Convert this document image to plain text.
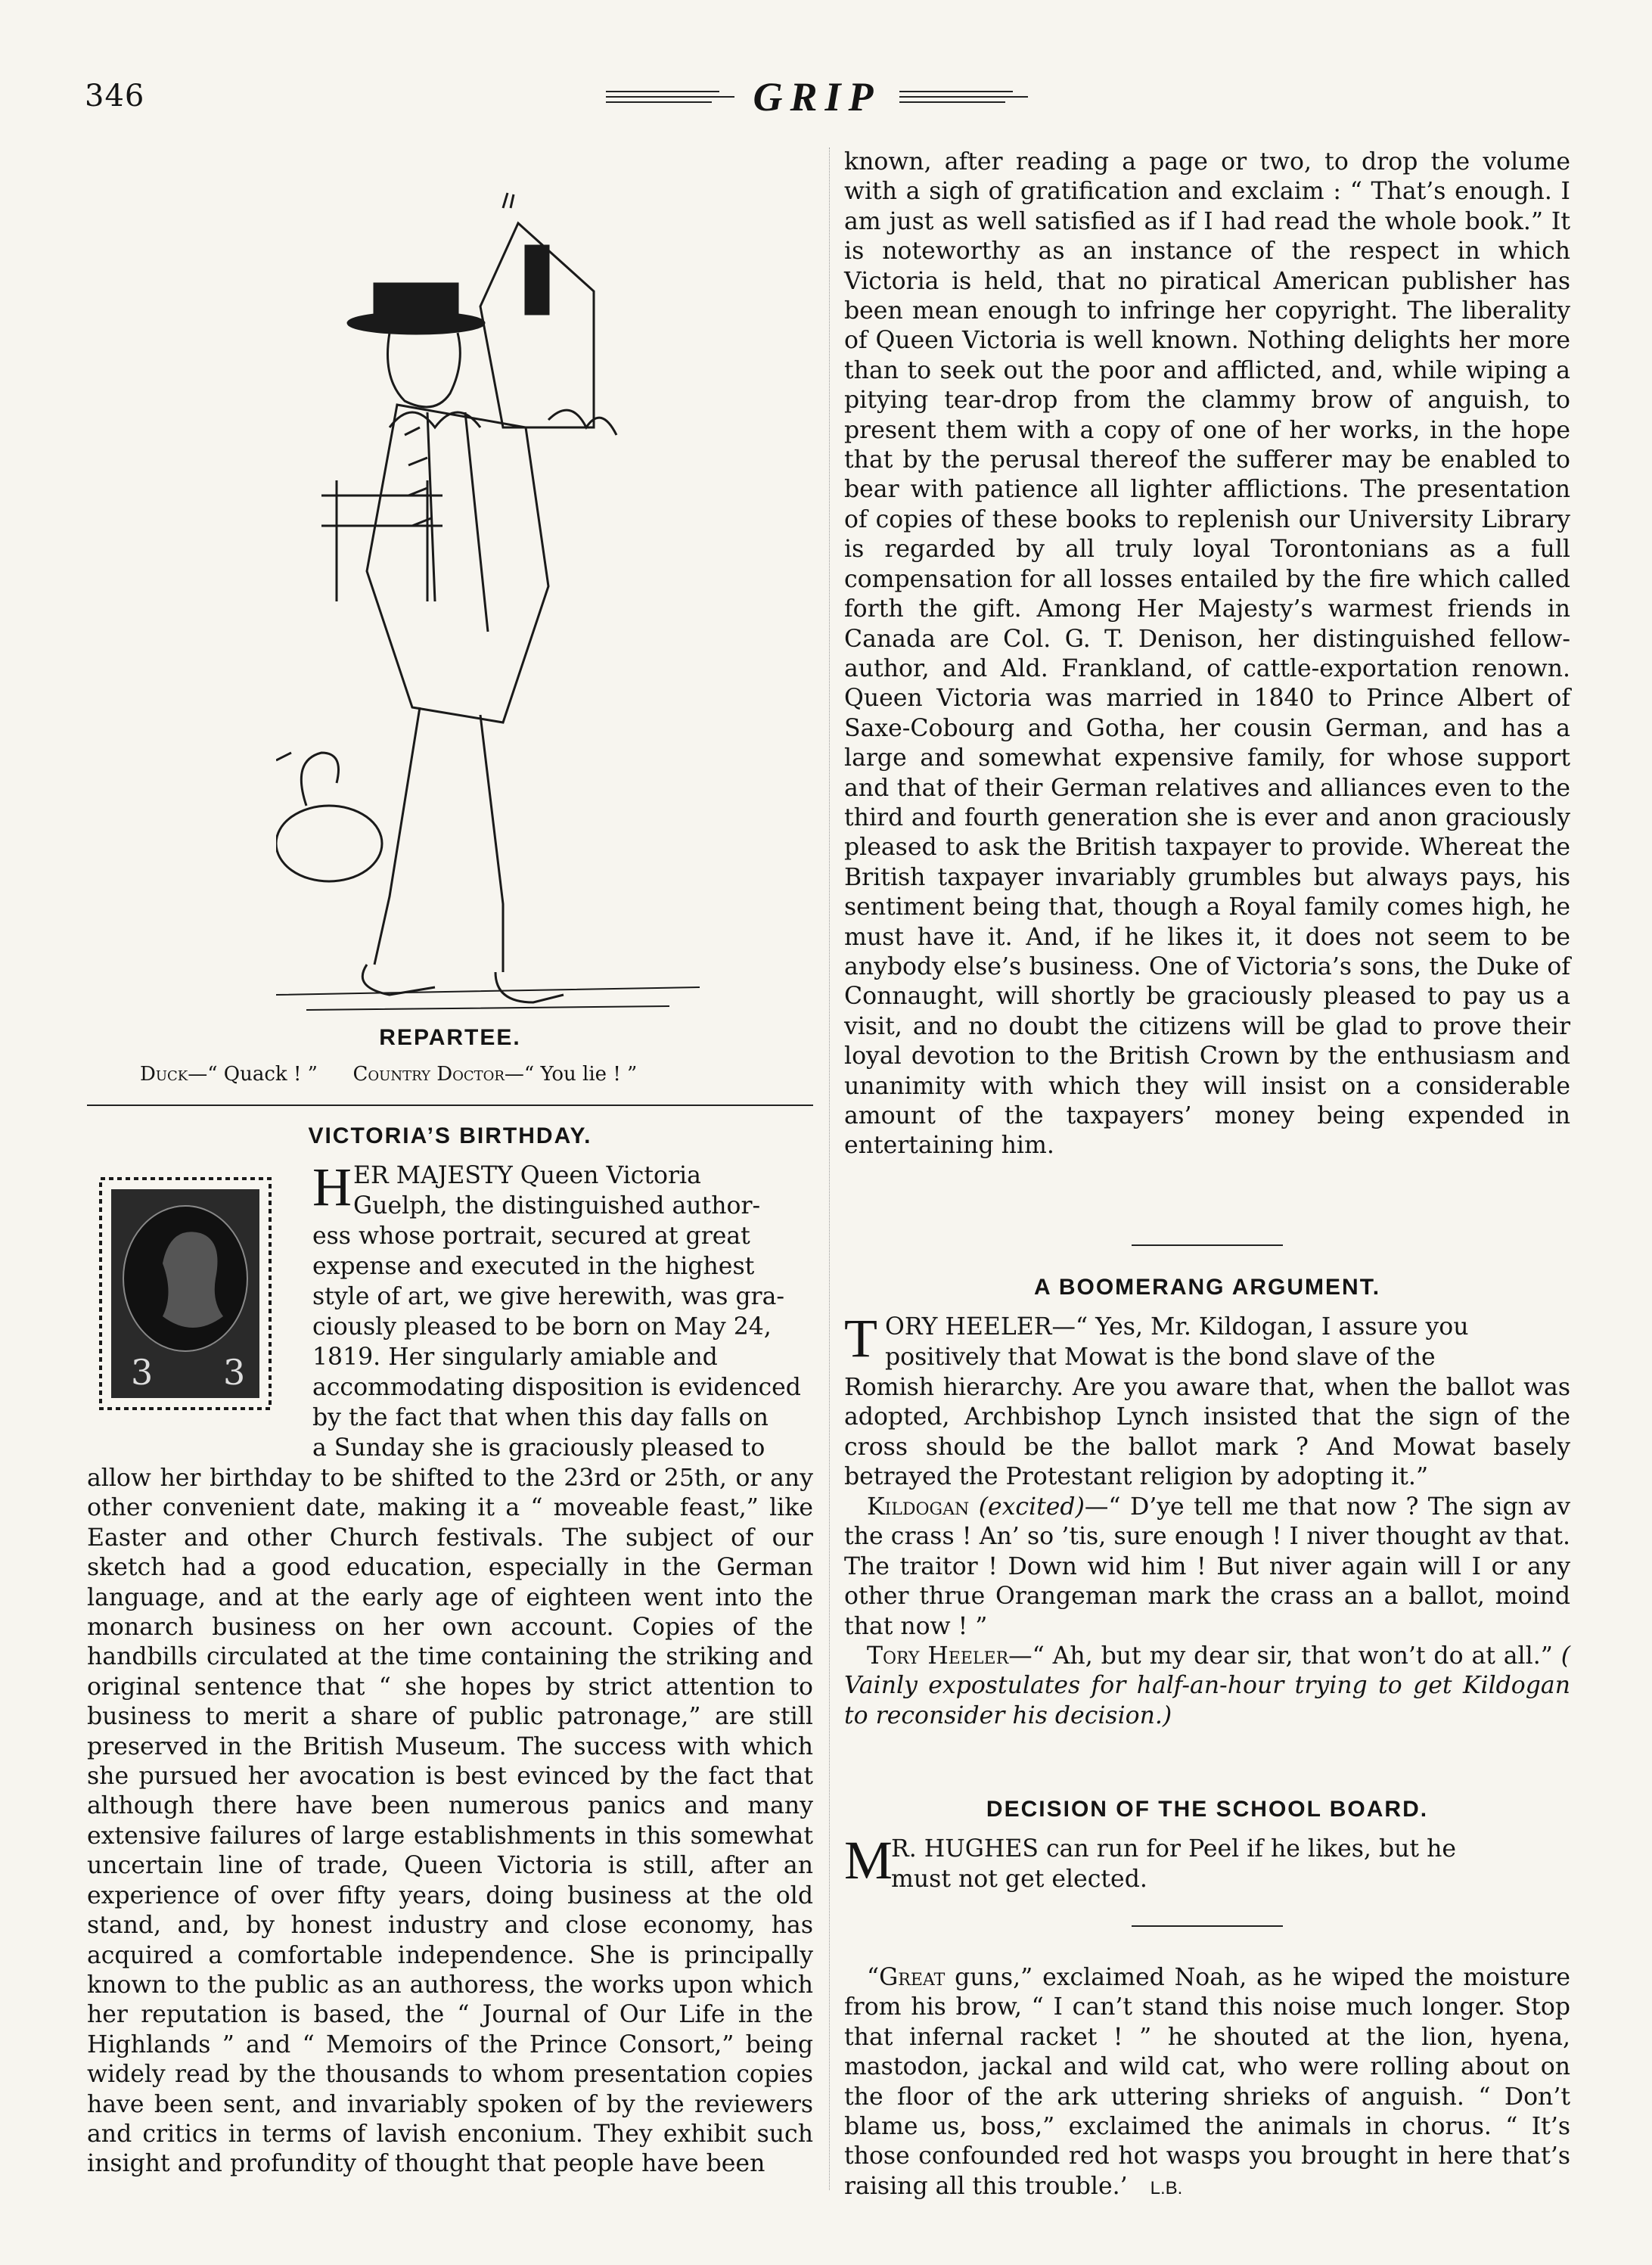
346	GRIP
REPARTEE.
Duck—“ Quack ! ” Country Doctor—“ You lie ! ”
VICTORIA’S BIRTHDAY.
3 3
H ER MAJESTY Queen Victoria
Guelph, the distinguished author-
ess whose portrait, secured at great
expense and executed in the highest
style of art, we give herewith, was gra-
ciously pleased to be born on May 24,
1819. Her singularly amiable and
accommodating disposition is evidenced
by the fact that when this day falls on
a Sunday she is graciously pleased to

allow her birthday to be shifted to the 23rd or 25th, or any other convenient date, making it a “ moveable feast,” like Easter and other Church festivals. The subject of our sketch had a good education, especially in the German language, and at the early age of eighteen went into the monarch business on her own account. Copies of the handbills circulated at the time containing the striking and original sentence that “ she hopes by strict attention to business to merit a share of public patronage,” are still preserved in the British Museum. The success with which she pursued her avocation is best evinced by the fact that although there have been numerous panics and many extensive failures of large establishments in this somewhat uncertain line of trade, Queen Victoria is still, after an experience of over fifty years, doing business at the old stand, and, by honest industry and close economy, has acquired a comfortable independence. She is principally known to the public as an authoress, the works upon which her reputation is based, the “ Journal of Our Life in the Highlands ” and “ Memoirs of the Prince Consort,” being widely read by the thousands to whom presentation copies have been sent, and invariably spoken of by the reviewers and critics in terms of lavish enconium. They exhibit such insight and profundity of thought that people have been

known, after reading a page or two, to drop the volume with a sigh of gratification and exclaim : “ That’s enough. I am just as well satisfied as if I had read the whole book.” It is noteworthy as an instance of the respect in which Victoria is held, that no piratical American publisher has been mean enough to infringe her copyright. The liberality of Queen Victoria is well known. Nothing delights her more than to seek out the poor and afflicted, and, while wiping a pitying tear-drop from the clammy brow of anguish, to present them with a copy of one of her works, in the hope that by the perusal thereof the sufferer may be enabled to bear with patience all lighter afflictions. The presentation of copies of these books to replenish our University Library is regarded by all truly loyal Torontonians as a full compensation for all losses entailed by the fire which called forth the gift. Among Her Majesty’s warmest friends in Canada are Col. G. T. Denison, her distinguished fellow-author, and Ald. Frankland, of cattle-exportation renown. Queen Victoria was married in 1840 to Prince Albert of Saxe-Cobourg and Gotha, her cousin German, and has a large and somewhat expensive family, for whose support and that of their German relatives and alliances even to the third and fourth generation she is ever and anon graciously pleased to ask the British taxpayer to provide. Whereat the British taxpayer invariably grumbles but always pays, his sentiment being that, though a Royal family comes high, he must have it. And, if he likes it, it does not seem to be anybody else’s business. One of Victoria’s sons, the Duke of Connaught, will shortly be graciously pleased to pay us a visit, and no doubt the citizens will be glad to prove their loyal devotion to the British Crown by the enthusiasm and unanimity with which they will insist on a considerable amount of the taxpayers’ money being expended in entertaining him.

A BOOMERANG ARGUMENT.
T ORY HEELER—“ Yes, Mr. Kildogan, I assure you
positively that Mowat is the bond slave of the

Romish hierarchy. Are you aware that, when the ballot was adopted, Archbishop Lynch insisted that the sign of the cross should be the ballot mark ? And Mowat basely betrayed the Protestant religion by adopting it.”

Kildogan (excited)—“ D’ye tell me that now ? The sign av the crass ! An’ so ’tis, sure enough ! I niver thought av that. The traitor ! Down wid him ! But niver again will I or any other thrue Orangeman mark the crass an a ballot, moind that now ! ”

Tory Heeler—“ Ah, but my dear sir, that won’t do at all.” ( Vainly expostulates for half-an-hour trying to get Kildogan to reconsider his decision.)

DECISION OF THE SCHOOL BOARD.
M
R. HUGHES can run for Peel if he likes, but he
must not get elected.

“Great guns,” exclaimed Noah, as he wiped the moisture from his brow, “ I can’t stand this noise much longer. Stop that infernal racket ! ” he shouted at the lion, hyena, mastodon, jackal and wild cat, who were rolling about on the floor of the ark uttering shrieks of anguish. “ Don’t blame us, boss,” exclaimed the animals in chorus. “ It’s those confounded red hot wasps you brought in here that’s raising all this trouble.’ L.B.
